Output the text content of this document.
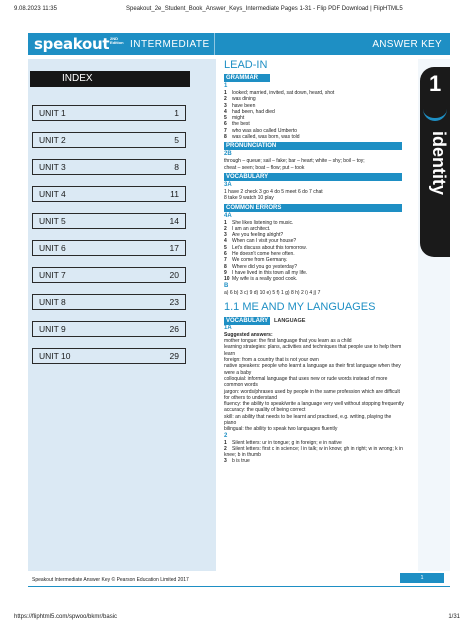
9.08.2023 11:35	Speakout_2e_Student_Book_Answer_Keys_Intermediate Pages 1-31 - Flip PDF Download | FlipHTML5
speakout 2ND
Edition INTERMEDIATE	ANSWER KEY
INDEX
UNIT 1	1
UNIT 2	5
UNIT 3	8
UNIT 4	11
UNIT 5	14
UNIT 6	17
UNIT 7	20
UNIT 8	23
UNIT 9	26
UNIT 10	29
LEAD-IN
GRAMMAR
1
1 looked; married, invited, sat down, heard, shot
2 was dining
3 have been
4 had been, had died
5 might
6 the best
7 who was also called Umberto
8 was called, was born, was told
PRONUNCIATION
2B
through – queue; sail – fake; bar – heart; white – shy; boil – toy;
cheat – seen; boat – flow; put – took
VOCABULARY
3A
1 have 2 check 3 go 4 do 5 meet 6 do 7 chat
8 take 9 watch 10 play
COMMON ERRORS
4A
1 She likes listening to music.
2 I am an architect.
3 Are you feeling alright?
4 When can I visit your house?
5 Let's discuss about this tomorrow.
6 He doesn't come here often.
7 We come from Germany.
8 Where did you go yesterday?
9 I have lived in this town all my life.
10 My wife is a really good cook.
B
a) 6 b) 3 c) 9 d) 10 e) 5 f) 1 g) 8 h) 2 i) 4 j) 7
1.1 ME AND MY LANGUAGES
VOCABULARY	LANGUAGE
1A
Suggested answers:
mother tongue: the first language that you learn as a child
learning strategies: plans, activities and techniques that people use to help them learn
foreign: from a country that is not your own
native speakers: people who learnt a language as their first language when they were a baby
colloquial: informal language that uses new or rude words instead of more common words
jargon: words/phrases used by people in the same profession which are difficult for others to understand
fluency: the ability to speak/write a language very well without stopping frequently
accuracy: the quality of being correct
skill: an ability that needs to be learnt and practised, e.g. writing, playing the piano
bilingual: the ability to speak two languages fluently
2
1 Silent letters: ur in tongue; g in foreign; e in native
2 Silent letters: first c in science; l in talk; w in know; gh in right; w in wrong; k in knee; b in thumb
3 b is true
1
identity
Speakout Intermediate Answer Key © Pearson Education Limited 2017	1
https://fliphtml5.com/spwoo/bkmr/basic	1/31
